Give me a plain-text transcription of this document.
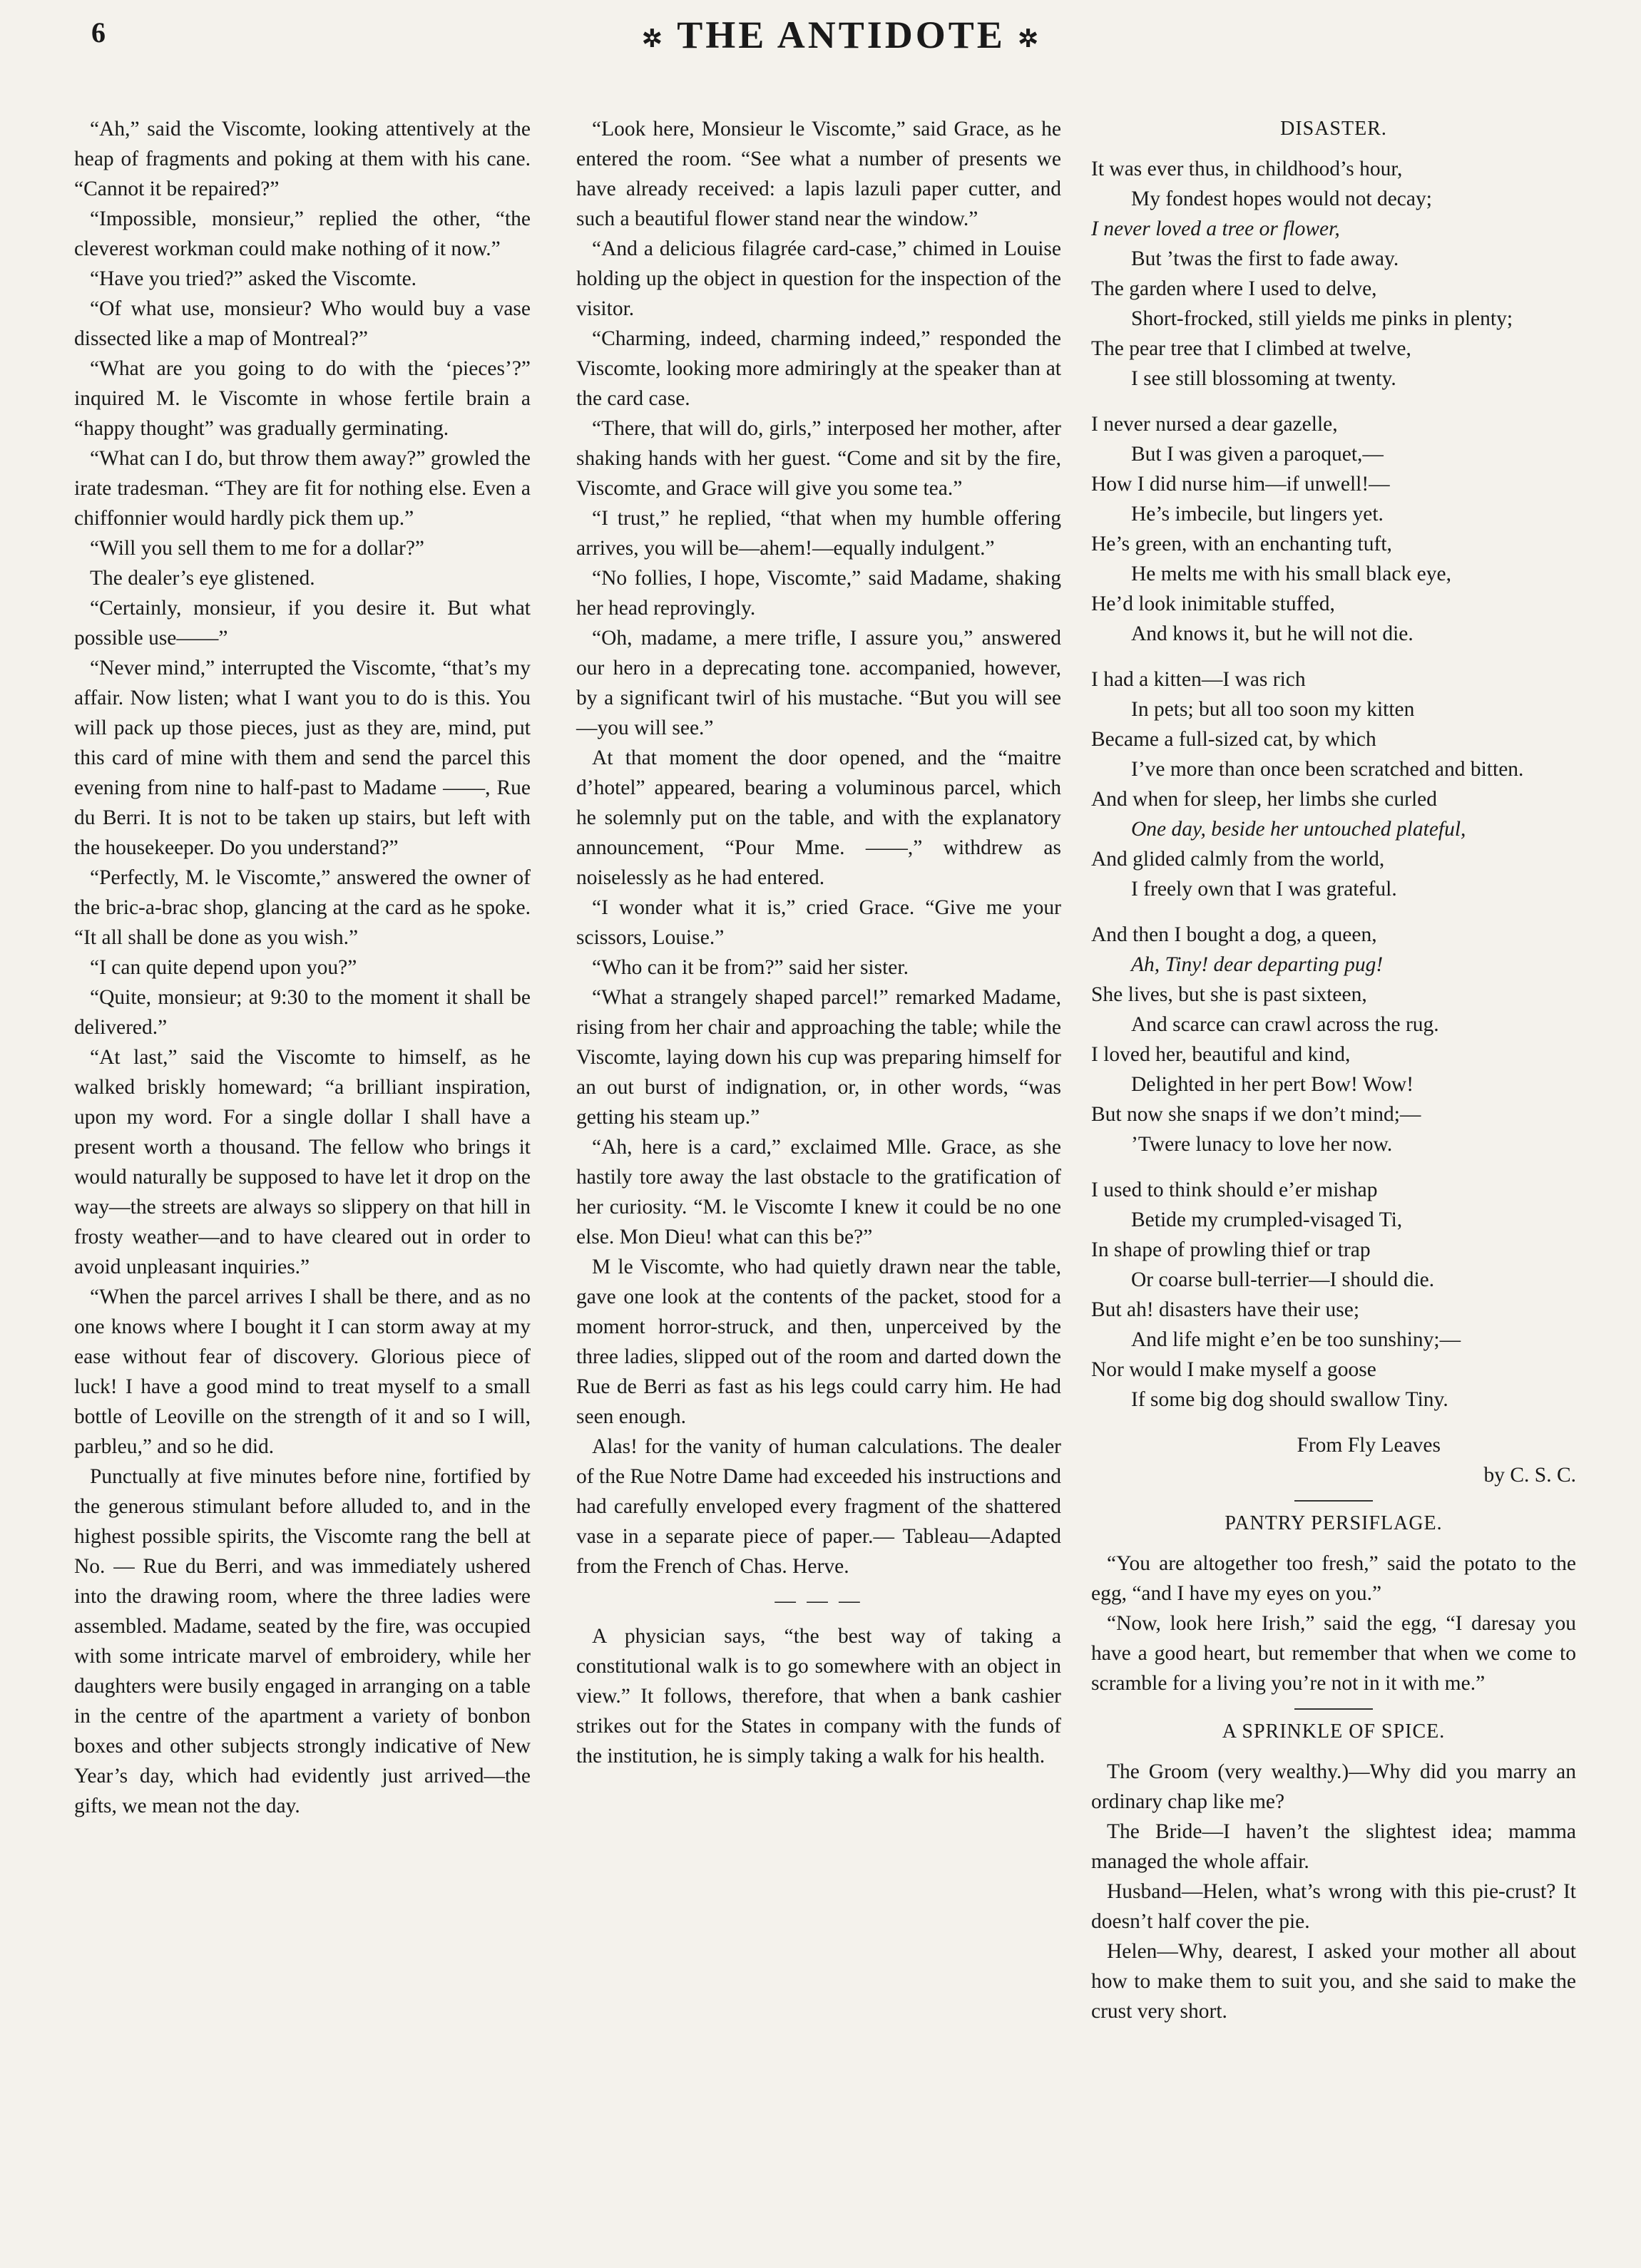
6	✲ THE ANTIDOTE ✲

“Ah,” said the Viscomte, looking attentively at the heap of fragments and poking at them with his cane. “Cannot it be repaired?”

“Impossible, monsieur,” replied the other, “the cleverest workman could make nothing of it now.”

“Have you tried?” asked the Viscomte.

“Of what use, monsieur? Who would buy a vase dissected like a map of Montreal?”

“What are you going to do with the ‘pieces’?” inquired M. le Viscomte in whose fertile brain a “happy thought” was gradually germinating.

“What can I do, but throw them away?” growled the irate tradesman. “They are fit for nothing else. Even a chiffonnier would hardly pick them up.”

“Will you sell them to me for a dollar?”

The dealer’s eye glistened.

“Certainly, monsieur, if you desire it. But what possible use——”

“Never mind,” interrupted the Viscomte, “that’s my affair. Now listen; what I want you to do is this. You will pack up those pieces, just as they are, mind, put this card of mine with them and send the parcel this evening from nine to half-past to Madame ——, Rue du Berri. It is not to be taken up stairs, but left with the housekeeper. Do you understand?”

“Perfectly, M. le Viscomte,” answered the owner of the bric-a-brac shop, glancing at the card as he spoke. “It all shall be done as you wish.”

“I can quite depend upon you?”

“Quite, monsieur; at 9:30 to the moment it shall be delivered.”

“At last,” said the Viscomte to himself, as he walked briskly homeward; “a brilliant inspiration, upon my word. For a single dollar I shall have a present worth a thousand. The fellow who brings it would naturally be supposed to have let it drop on the way—the streets are always so slippery on that hill in frosty weather—and to have cleared out in order to avoid unpleasant inquiries.”

“When the parcel arrives I shall be there, and as no one knows where I bought it I can storm away at my ease without fear of discovery. Glorious piece of luck! I have a good mind to treat myself to a small bottle of Leoville on the strength of it and so I will, parbleu,” and so he did.

Punctually at five minutes before nine, fortified by the generous stimulant before alluded to, and in the highest possible spirits, the Viscomte rang the bell at No. — Rue du Berri, and was immediately ushered into the drawing room, where the three ladies were assembled. Madame, seated by the fire, was occupied with some intricate marvel of embroidery, while her daughters were busily engaged in arranging on a table in the centre of the apartment a variety of bonbon boxes and other subjects strongly indicative of New Year’s day, which had evidently just arrived—the gifts, we mean not the day.

“Look here, Monsieur le Viscomte,” said Grace, as he entered the room. “See what a number of presents we have already received: a lapis lazuli paper cutter, and such a beautiful flower stand near the window.”

“And a delicious filagrée card-case,” chimed in Louise holding up the object in question for the inspection of the visitor.

“Charming, indeed, charming indeed,” responded the Viscomte, looking more admiringly at the speaker than at the card case.

“There, that will do, girls,” interposed her mother, after shaking hands with her guest. “Come and sit by the fire, Viscomte, and Grace will give you some tea.”

“I trust,” he replied, “that when my humble offering arrives, you will be—ahem!—equally indulgent.”

“No follies, I hope, Viscomte,” said Madame, shaking her head reprovingly.

“Oh, madame, a mere trifle, I assure you,” answered our hero in a deprecating tone. accompanied, however, by a significant twirl of his mustache. “But you will see—you will see.”

At that moment the door opened, and the “maitre d’hotel” appeared, bearing a voluminous parcel, which he solemnly put on the table, and with the explanatory announcement, “Pour Mme. ——,” withdrew as noiselessly as he had entered.

“I wonder what it is,” cried Grace. “Give me your scissors, Louise.”

“Who can it be from?” said her sister.

“What a strangely shaped parcel!” remarked Madame, rising from her chair and approaching the table; while the Viscomte, laying down his cup was preparing himself for an out burst of indignation, or, in other words, “was getting his steam up.”

“Ah, here is a card,” exclaimed Mlle. Grace, as she hastily tore away the last obstacle to the gratification of her curiosity. “M. le Viscomte I knew it could be no one else. Mon Dieu! what can this be?”

M le Viscomte, who had quietly drawn near the table, gave one look at the contents of the packet, stood for a moment horror-struck, and then, unperceived by the three ladies, slipped out of the room and darted down the Rue de Berri as fast as his legs could carry him. He had seen enough.

Alas! for the vanity of human calculations. The dealer of the Rue Notre Dame had exceeded his instructions and had carefully enveloped every fragment of the shattered vase in a separate piece of paper.— Tableau—Adapted from the French of Chas. Herve.

— — —

A physician says, “the best way of taking a constitutional walk is to go somewhere with an object in view.” It follows, therefore, that when a bank cashier strikes out for the States in company with the funds of the institution, he is simply taking a walk for his health.

DISASTER.

It was ever thus, in childhood’s hour,

My fondest hopes would not decay;

I never loved a tree or flower,

But ’twas the first to fade away.

The garden where I used to delve,

Short-frocked, still yields me pinks in plenty;

The pear tree that I climbed at twelve,

I see still blossoming at twenty.

I never nursed a dear gazelle,

But I was given a paroquet,—

How I did nurse him—if unwell!—

He’s imbecile, but lingers yet.

He’s green, with an enchanting tuft,

He melts me with his small black eye,

He’d look inimitable stuffed,

And knows it, but he will not die.

I had a kitten—I was rich

In pets; but all too soon my kitten

Became a full-sized cat, by which

I’ve more than once been scratched and bitten.

And when for sleep, her limbs she curled

One day, beside her untouched plateful,

And glided calmly from the world,

I freely own that I was grateful.

And then I bought a dog, a queen,

Ah, Tiny! dear departing pug!

She lives, but she is past sixteen,

And scarce can crawl across the rug.

I loved her, beautiful and kind,

Delighted in her pert Bow! Wow!

But now she snaps if we don’t mind;—

’Twere lunacy to love her now.

I used to think should e’er mishap

Betide my crumpled-visaged Ti,

In shape of prowling thief or trap

Or coarse bull-terrier—I should die.

But ah! disasters have their use;

And life might e’en be too sunshiny;—

Nor would I make myself a goose

If some big dog should swallow Tiny.

From Fly Leaves

by C. S. C.

PANTRY PERSIFLAGE.

“You are altogether too fresh,” said the potato to the egg, “and I have my eyes on you.”

“Now, look here Irish,” said the egg, “I daresay you have a good heart, but remember that when we come to scramble for a living you’re not in it with me.”

A SPRINKLE OF SPICE.

The Groom (very wealthy.)—Why did you marry an ordinary chap like me?

The Bride—I haven’t the slightest idea; mamma managed the whole affair.

Husband—Helen, what’s wrong with this pie-crust? It doesn’t half cover the pie.

Helen—Why, dearest, I asked your mother all about how to make them to suit you, and she said to make the crust very short.
